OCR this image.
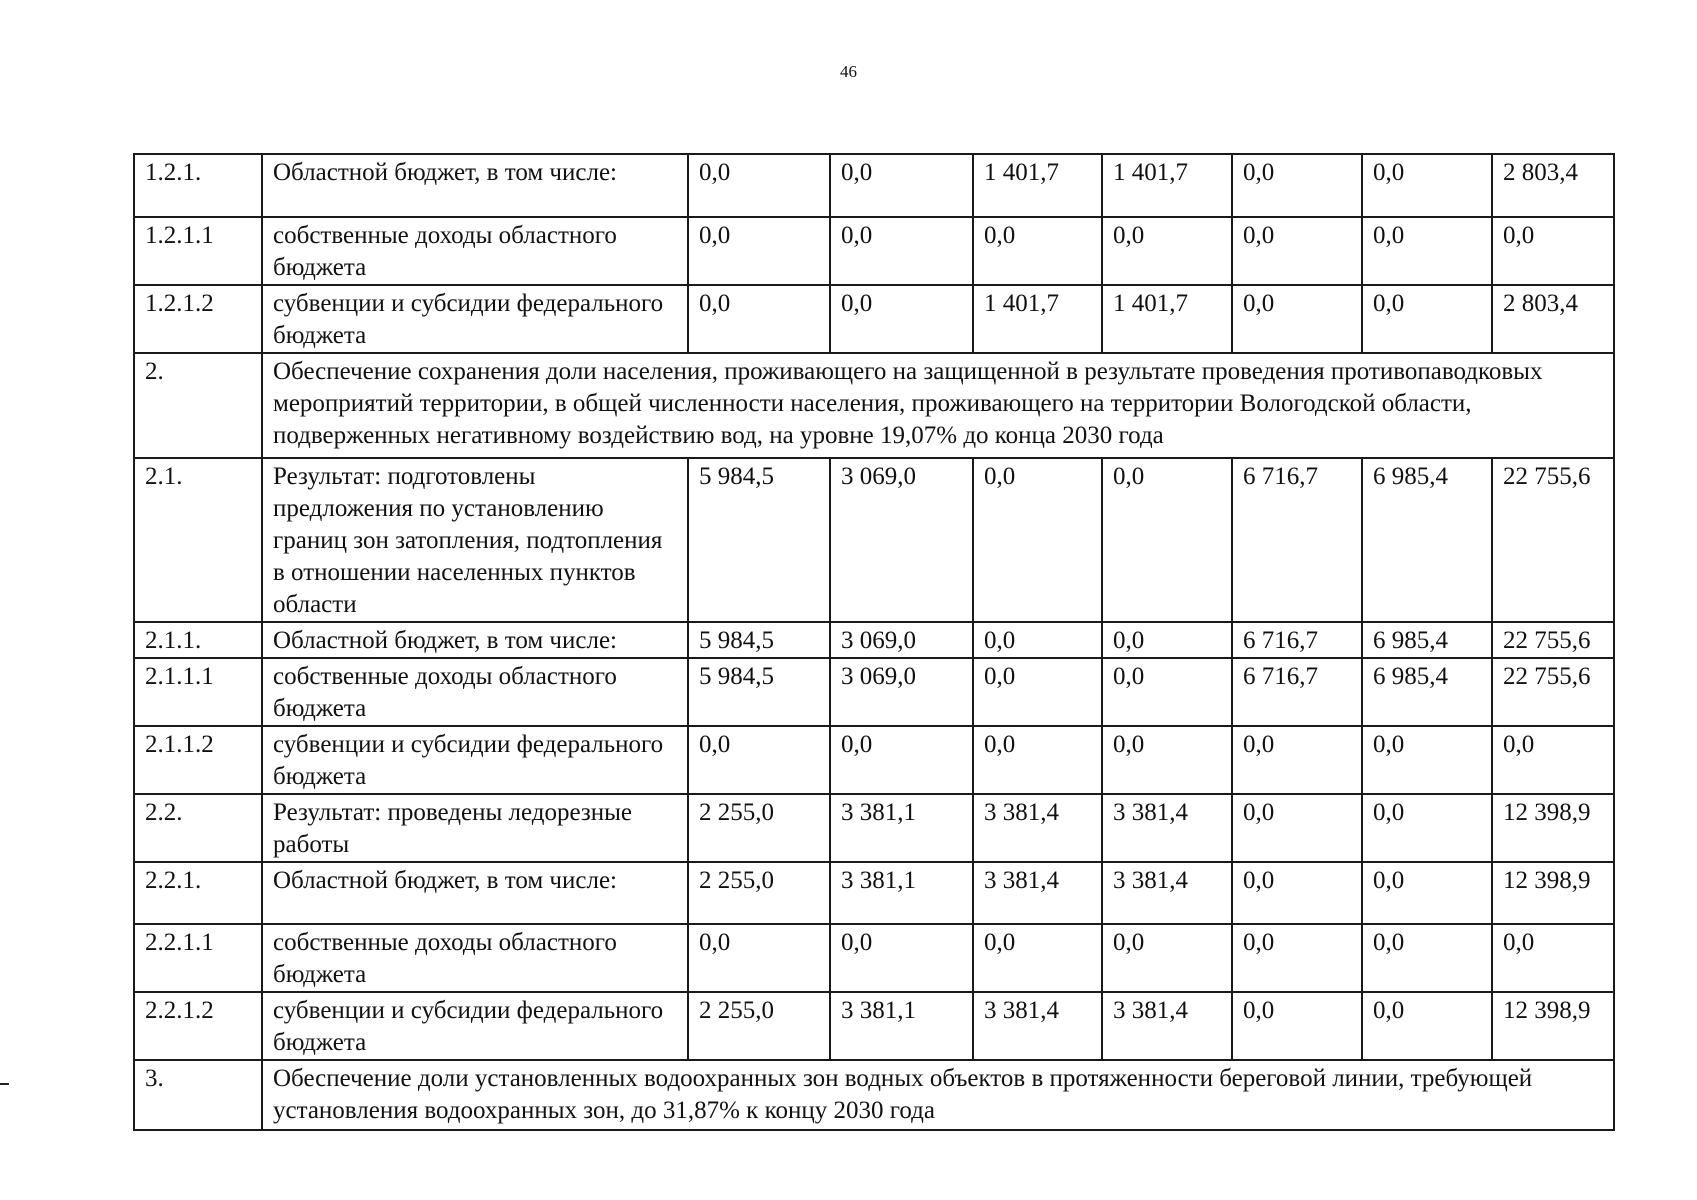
46
1.2.1.	Областной бюджет, в том числе:	0,0	0,0	1 401,7	1 401,7	0,0	0,0	2 803,4
1.2.1.1	собственные доходы областного бюджета	0,0	0,0	0,0	0,0	0,0	0,0	0,0
1.2.1.2	субвенции и субсидии федерального бюджета	0,0	0,0	1 401,7	1 401,7	0,0	0,0	2 803,4
2.	Обеспечение сохранения доли населения, проживающего на защищенной в результате проведения противопаводковых мероприятий территории, в общей численности населения, проживающего на территории Вологодской области, подверженных негативному воздействию вод, на уровне 19,07% до конца 2030 года							
2.1.	Результат: подготовлены предложения по установлению границ зон затопления, подтопления в отношении населенных пунктов области	5 984,5	3 069,0	0,0	0,0	6 716,7	6 985,4	22 755,6
2.1.1.	Областной бюджет, в том числе:	5 984,5	3 069,0	0,0	0,0	6 716,7	6 985,4	22 755,6
2.1.1.1	собственные доходы областного бюджета	5 984,5	3 069,0	0,0	0,0	6 716,7	6 985,4	22 755,6
2.1.1.2	субвенции и субсидии федерального бюджета	0,0	0,0	0,0	0,0	0,0	0,0	0,0
2.2.	Результат: проведены ледорезные работы	2 255,0	3 381,1	3 381,4	3 381,4	0,0	0,0	12 398,9
2.2.1.	Областной бюджет, в том числе:	2 255,0	3 381,1	3 381,4	3 381,4	0,0	0,0	12 398,9
2.2.1.1	собственные доходы областного бюджета	0,0	0,0	0,0	0,0	0,0	0,0	0,0
2.2.1.2	субвенции и субсидии федерального бюджета	2 255,0	3 381,1	3 381,4	3 381,4	0,0	0,0	12 398,9
3.	Обеспечение доли установленных водоохранных зон водных объектов в протяженности береговой линии, требующей установления водоохранных зон, до 31,87% к концу 2030 года							
